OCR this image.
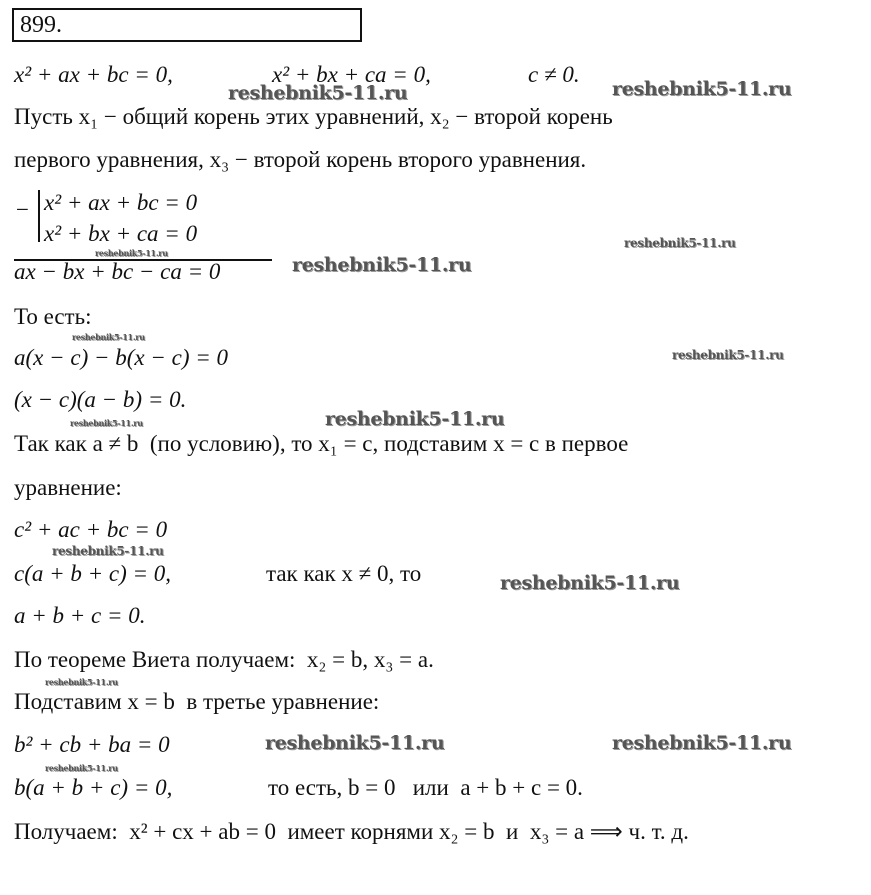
899.
x² + ax + bc = 0,	x² + bx + ca = 0,	c ≠ 0.
Пусть x₁ − общий корень этих уравнений, x₂ − второй корень
первого уравнения, x₃ − второй корень второго уравнения.
− x² + ax + bc = 0
x² + bx + ca = 0
ax − bx + bc − ca = 0
То есть:
a(x − c) − b(x − c) = 0
(x − c)(a − b) = 0.
Так как a ≠ b  (по условию), то x₁ = c, подставим x = c в первое
уравнение:
c² + ac + bc = 0
c(a + b + c) = 0,	так как x ≠ 0, то
a + b + c = 0.
По теореме Виета получаем:  x₂ = b, x₃ = a.
Подставим x = b  в третье уравнение:
b² + cb + ba = 0
b(a + b + c) = 0,	то есть, b = 0   или  a + b + c = 0.
Получаем:  x² + cx + ab = 0  имеет корнями x₂ = b  и  x₃ = a ⟹ ч. т. д.
reshebnik5-11.ru	reshebnik5-11.ru
reshebnik5-11.ru
reshebnik5-11.ru
reshebnik5-11.ru
reshebnik5-11.ru
reshebnik5-11.ru
reshebnik5-11.ru	reshebnik5-11.ru
reshebnik5-11.ru
reshebnik5-11.ru
reshebnik5-11.ru
reshebnik5-11.ru	reshebnik5-11.ru
reshebnik5-11.ru
